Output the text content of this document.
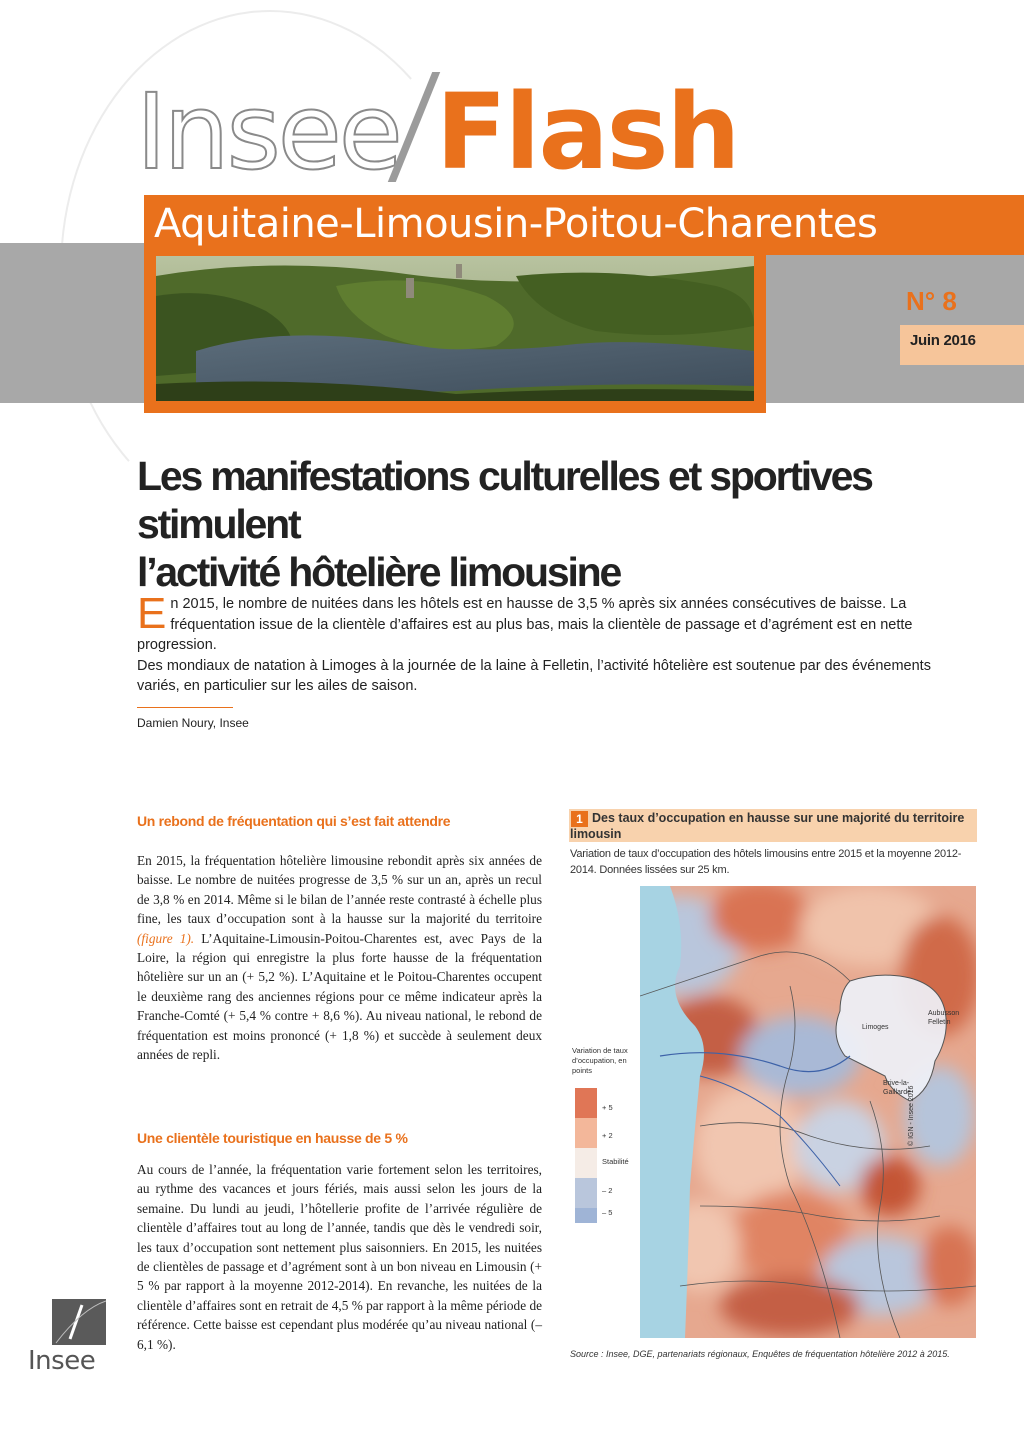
Insee Flash
Aquitaine-Limousin-Poitou-Charentes
N° 8
Juin 2016
Les manifestations culturelles et sportives stimulent
l’activité hôtelière limousine

En 2015, le nombre de nuitées dans les hôtels est en hausse de 3,5 % après six années consécutives de baisse. La fréquentation issue de la clientèle d’affaires est au plus bas, mais la clientèle de passage et d’agrément est en nette progression.

Des mondiaux de natation à Limoges à la journée de la laine à Felletin, l’activité hôtelière est soutenue par des événements variés, en particulier sur les ailes de saison.

Damien Noury, Insee
Un rebond de fréquentation qui s’est fait attendre
En 2015, la fréquentation hôtelière limousine rebondit après six années de baisse. Le nombre de nuitées progresse de 3,5 % sur un an, après un recul de 3,8 % en 2014. Même si le bilan de l’année reste contrasté à échelle plus fine, les taux d’occupation sont à la hausse sur la majorité du territoire (figure 1). L’Aquitaine-Limousin-Poitou-Charentes est, avec Pays de la Loire, la région qui enregistre la plus forte hausse de la fréquentation hôtelière sur un an (+ 5,2 %). L’Aquitaine et le Poitou-Charentes occupent le deuxième rang des anciennes régions pour ce même indicateur après la Franche-Comté (+ 5,4 % contre + 8,6 %). Au niveau national, le rebond de fréquentation est moins prononcé (+ 1,8 %) et succède à seulement deux années de repli.
Une clientèle touristique en hausse de 5 %
Au cours de l’année, la fréquentation varie fortement selon les territoires, au rythme des vacances et jours fériés, mais aussi selon les jours de la semaine. Du lundi au jeudi, l’hôtellerie profite de l’arrivée régulière de clientèle d’affaires tout au long de l’année, tandis que dès le vendredi soir, les taux d’occupation sont nettement plus saisonniers. En 2015, les nuitées de clientèles de passage et d’agrément sont à un bon niveau en Limousin (+ 5 % par rapport à la moyenne 2012-2014). En revanche, les nuitées de la clientèle d’affaires sont en retrait de 4,5 % par rapport à la même période de référence. Cette baisse est cependant plus modérée qu’au niveau national (– 6,1 %).
Des taux d’occupation en hausse sur une majorité du territoire limousin
1
Variation de taux d’occupation des hôtels limousins entre 2015 et la moyenne 2012-2014. Données lissées sur 25 km.
Limoges
Aubusson Felletin
Brive-la-Gaillarde
© IGN - Insee 2016
Variation de taux d’occupation, en points
+ 5
+ 2
Stabilité
– 2
– 5
Source : Insee, DGE, partenariats régionaux, Enquêtes de fréquentation hôtelière 2012 à 2015.
Insee
